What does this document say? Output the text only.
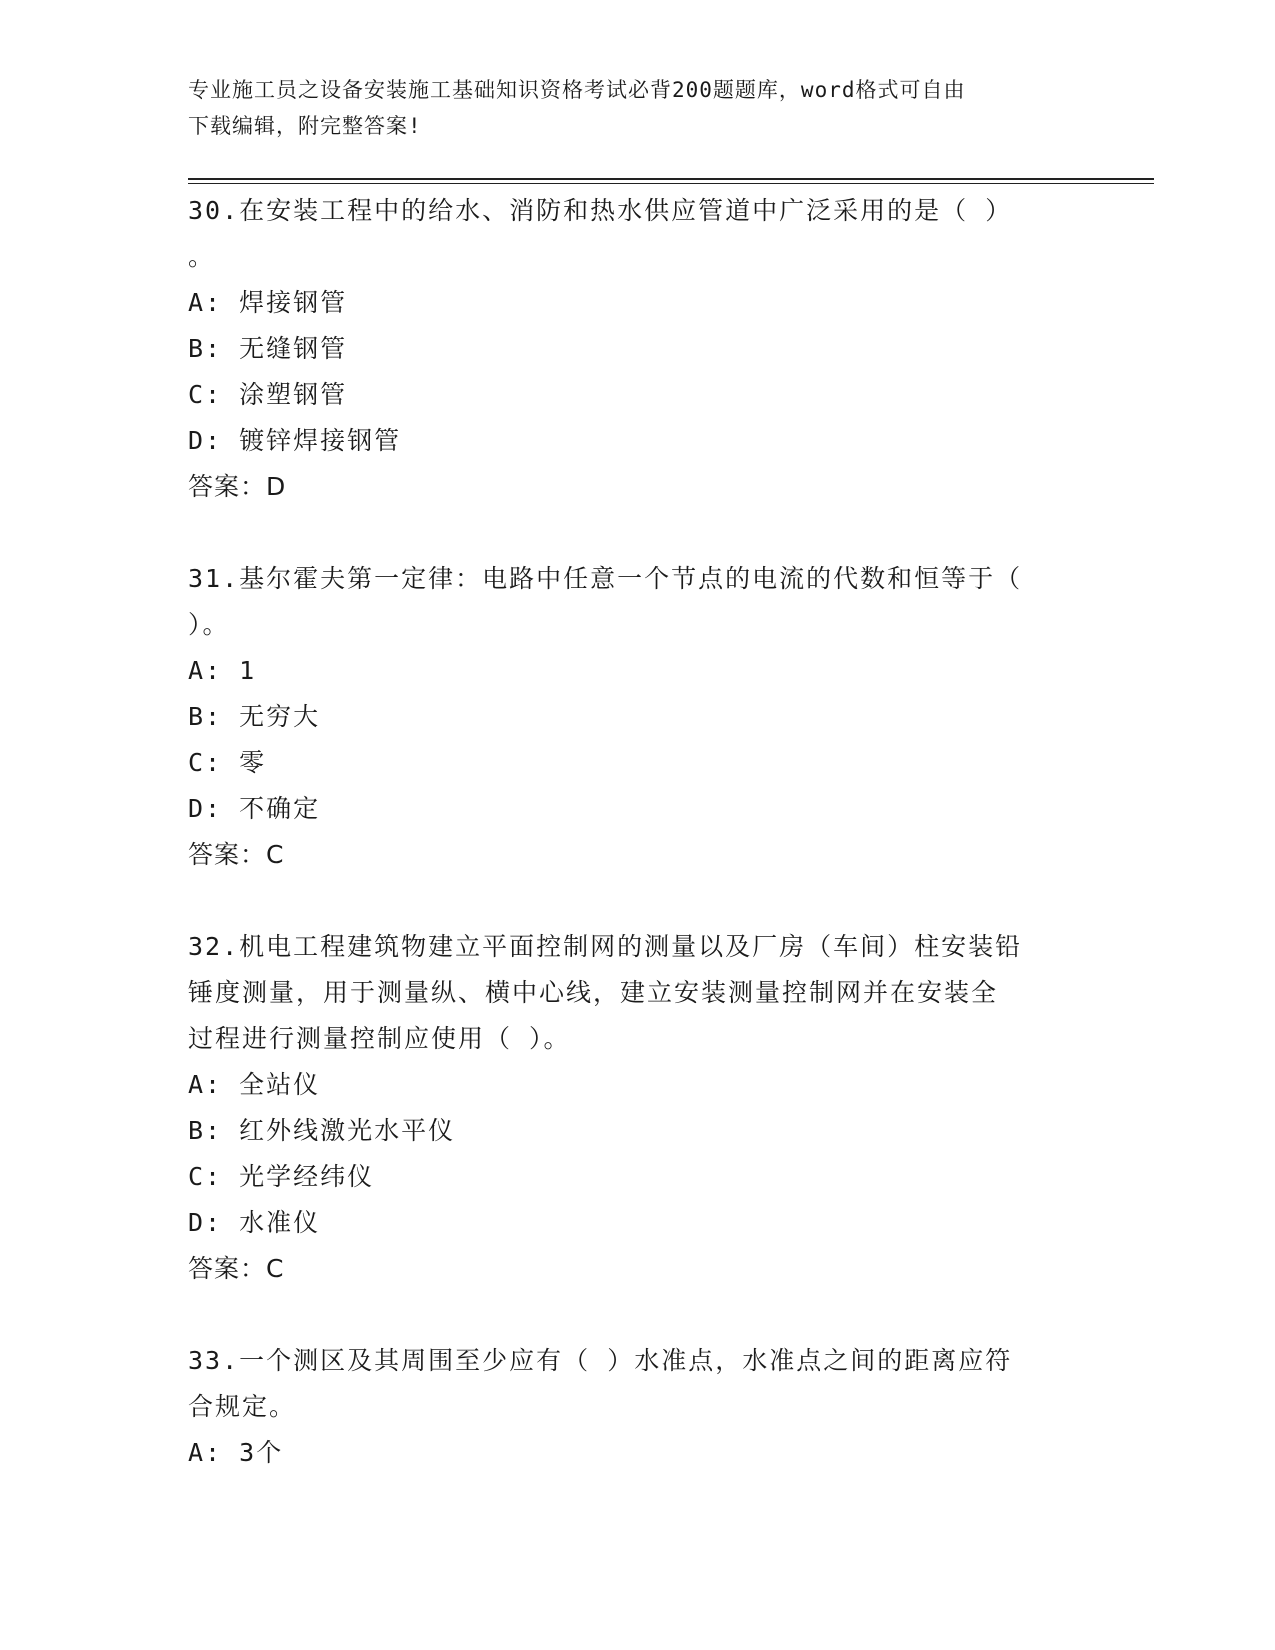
专业施工员之设备安装施工基础知识资格考试必背200题题库，word格式可自由
下载编辑，附完整答案!
30.在安装工程中的给水、消防和热水供应管道中广泛采用的是（ ）
。
A: 焊接钢管
B: 无缝钢管
C: 涂塑钢管
D: 镀锌焊接钢管
答案：D
31.基尔霍夫第一定律：电路中任意一个节点的电流的代数和恒等于（
）。
A: 1
B: 无穷大
C: 零
D: 不确定
答案：C
32.机电工程建筑物建立平面控制网的测量以及厂房（车间）柱安装铅
锤度测量，用于测量纵、横中心线，建立安装测量控制网并在安装全
过程进行测量控制应使用（ ）。
A: 全站仪
B: 红外线激光水平仪
C: 光学经纬仪
D: 水准仪
答案：C
33.一个测区及其周围至少应有（ ）水准点，水准点之间的距离应符
合规定。
A: 3个
